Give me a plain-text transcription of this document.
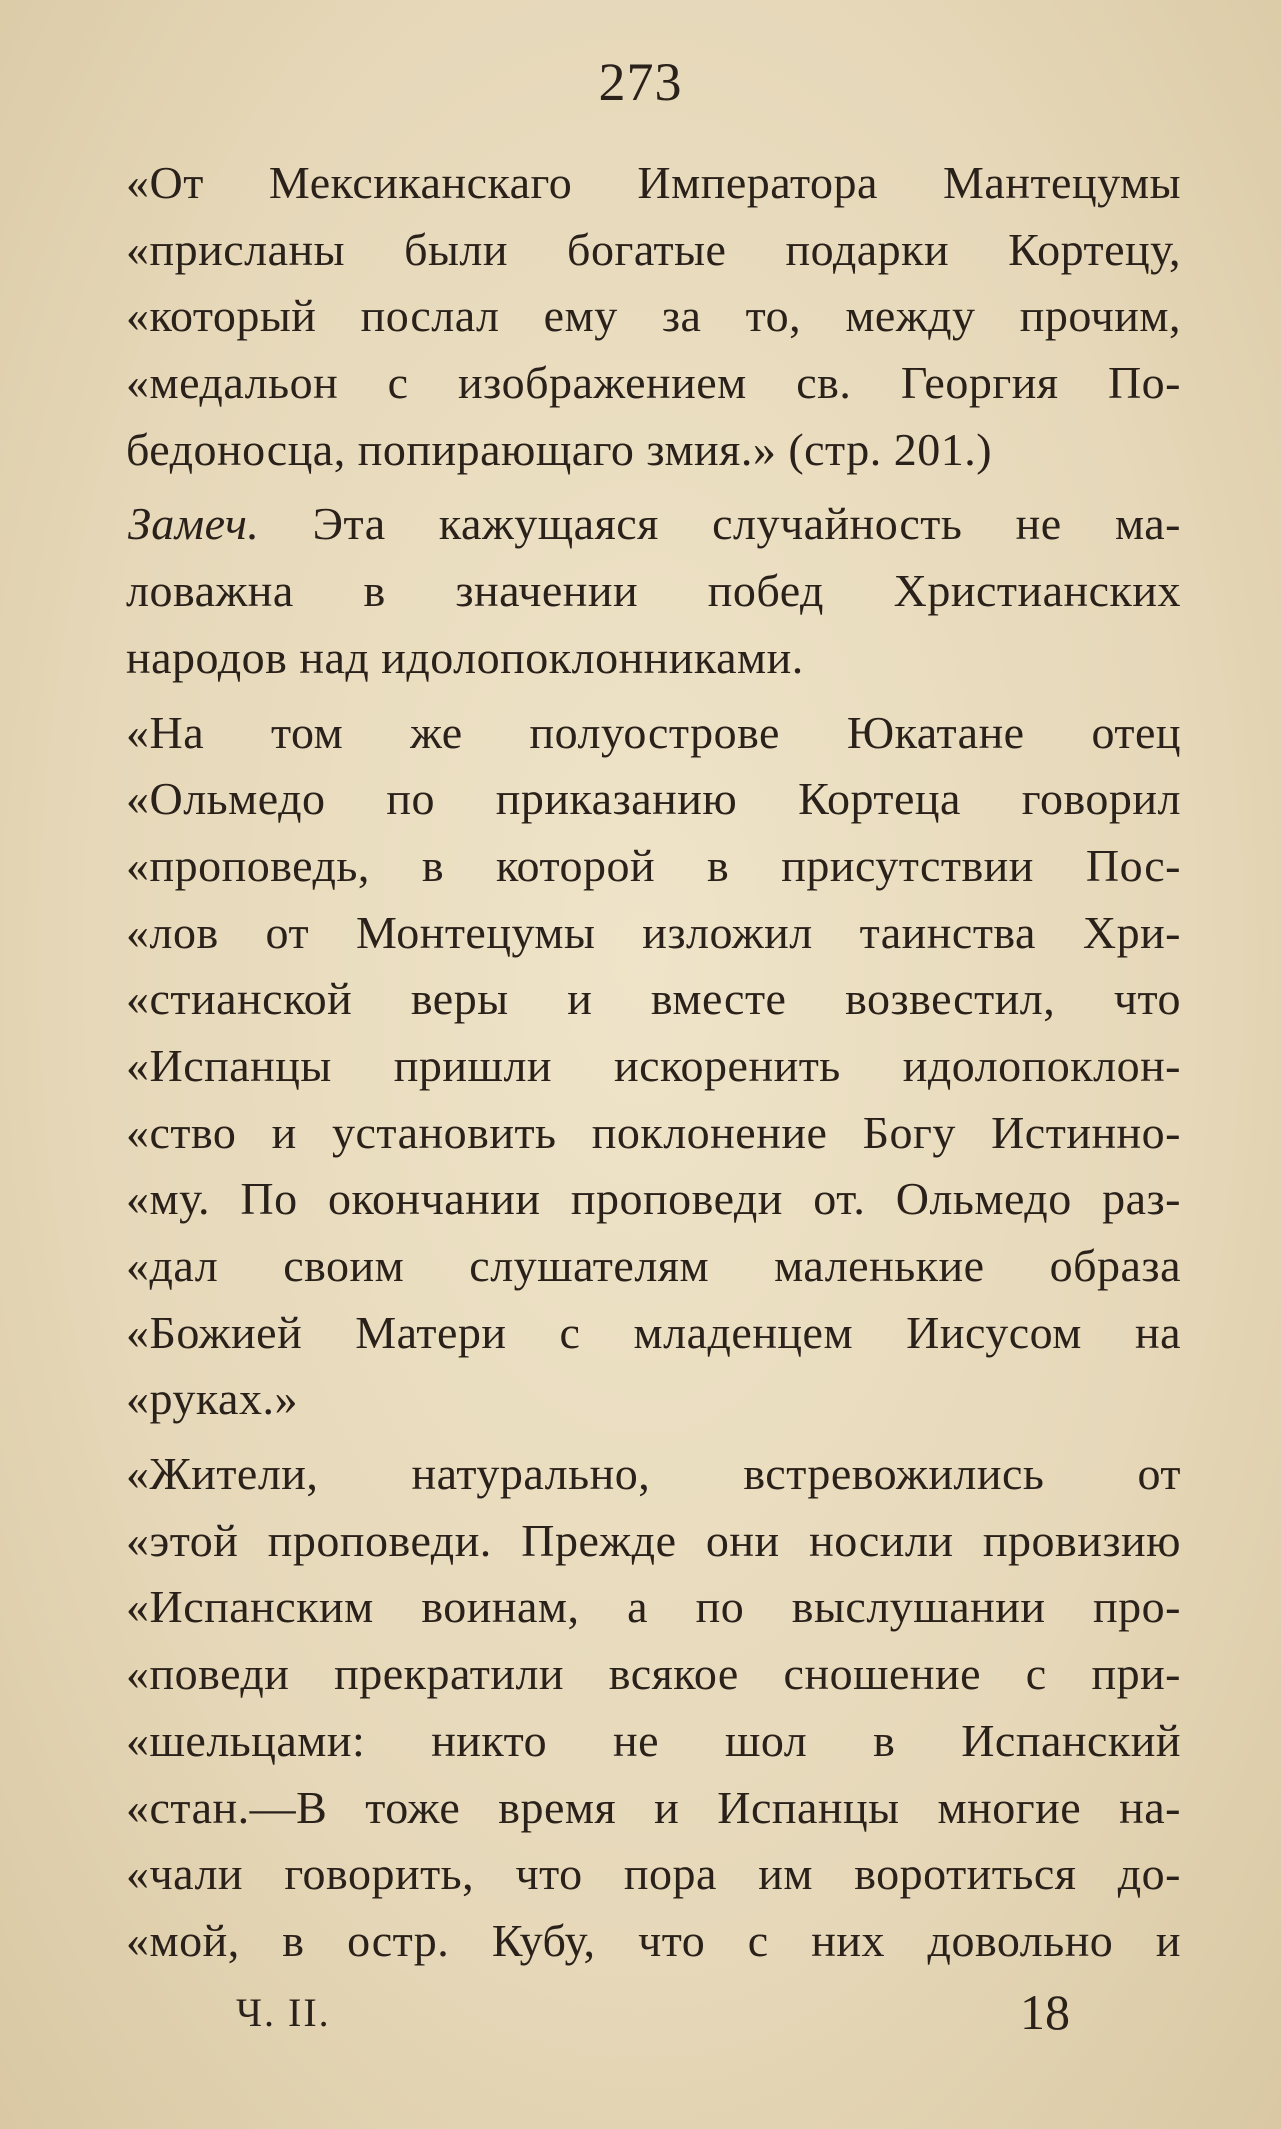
273
«От Мексиканскаго Императора Мантецумы
«присланы были богатые подарки Кортецу,
«который послал ему за то, между прочим,
«медальон с изображением св. Георгия По-
бедоносца, попирающаго змия.» (стр. 201.)
Замеч. Эта кажущаяся случайность не ма-
ловажна в значении побед Христианских
народов над идолопоклонниками.
«На том же полуострове Юкатане отец
«Ольмедо по приказанию Кортеца говорил
«проповедь, в которой в присутствии Пос-
«лов от Монтецумы изложил таинства Хри-
«стианской веры и вместе возвестил, что
«Испанцы пришли искоренить идолопоклон-
«ство и установить поклонение Богу Истинно-
«му. По окончании проповеди от. Ольмедо раз-
«дал своим слушателям маленькие образа
«Божией Матери с младенцем Иисусом на
«руках.»
«Жители, натурально, встревожились от
«этой проповеди. Прежде они носили провизию
«Испанским воинам, а по выслушании про-
«поведи прекратили всякое сношение с при-
«шельцами: никто не шол в Испанский
«стан.—В тоже время и Испанцы многие на-
«чали говорить, что пора им воротиться до-
«мой, в остр. Кубу, что с них довольно и
Ч. II.	18
